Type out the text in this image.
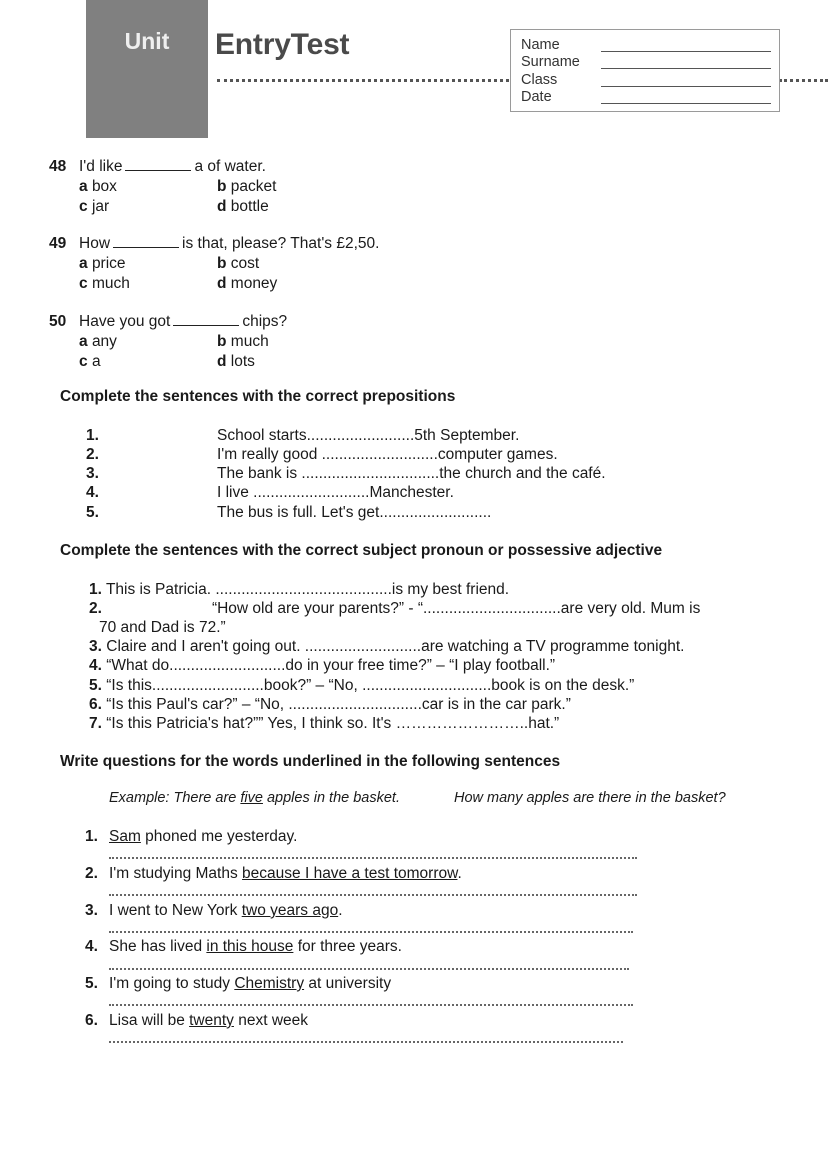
Unit	EntryTest	Name
Surname
Class
Date
48 I'd like	a of water.
a box	b packet
c jar	d bottle
49 How	is that, please? That's £2,50.
a price	b cost
c much	d money
50 Have you got	chips?
a any	b much
c a	d lots
Complete the sentences with the correct prepositions
1.	School starts.........................5th September.
2.	I'm really good ...........................computer games.
3.	The bank is ................................the church and the café.
4.	I live ...........................Manchester.
5.	The bus is full. Let's get..........................
Complete the sentences with the correct subject pronoun or possessive adjective
1. This is Patricia. .........................................is my best friend.
2.	“How old are your parents?” - “................................are very old. Mum is
70 and Dad is 72.”
3. Claire and I aren't going out. ...........................are watching a TV programme tonight.
4. “What do...........................do in your free time?” – “I play football.”
5. “Is this..........................book?” – “No, ..............................book is on the desk.”
6. “Is this Paul's car?” – “No, ...............................car is in the car park.”
7. “Is this Patricia's hat?”” Yes, I think so. It's ……………………..hat.”
Write questions for the words underlined in the following sentences
Example: There are five apples in the basket.	How many apples are there in the basket?
1. Sam phoned me yesterday.
2. I'm studying Maths because I have a test tomorrow.
3. I went to New York two years ago.
4. She has lived in this house for three years.
5. I'm going to study Chemistry at university
6. Lisa will be twenty next week
